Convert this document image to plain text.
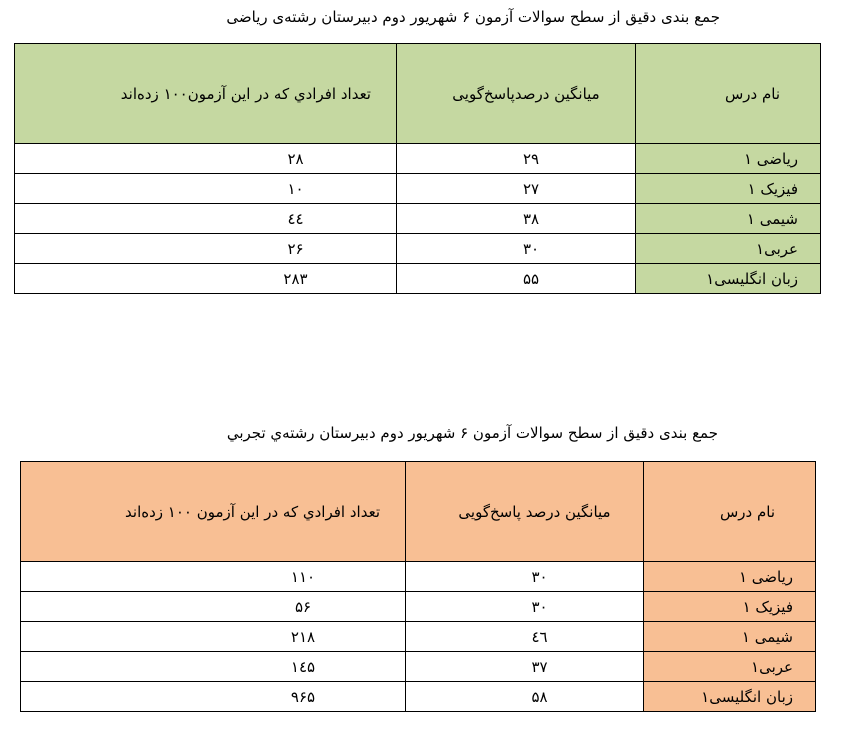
جمع بندی دقیق از سطح سوالات آزمون ۶ شهریور دوم دبیرستان رشته‌ی ریاضی
نام درس	میانگین درصدپاسخ‌گویی	تعداد افرادي كه در اين آزمون۱۰۰ زده‌اند
ریاضی ۱	۲۹	۲۸
فیزیک ۱	۲۷	۱۰
شیمی ۱	۳۸	٤٤
عربی۱	۳۰	۲۶
زبان انگلیسی۱	۵۵	۲۸۳
جمع بندی دقیق از سطح سوالات آزمون ۶ شهریور دوم دبیرستان رشته‌ي تجربي
نام درس	میانگین درصد پاسخ‌گویی	تعداد افرادي كه در اين آزمون ۱۰۰ زده‌اند
ریاضی ۱	۳۰	۱۱۰
فیزیک ۱	۳۰	۵۶
شیمی ۱	٤٦	۲۱۸
عربی۱	۳۷	۱٤۵
زبان انگلیسی۱	۵۸	۹۶۵
